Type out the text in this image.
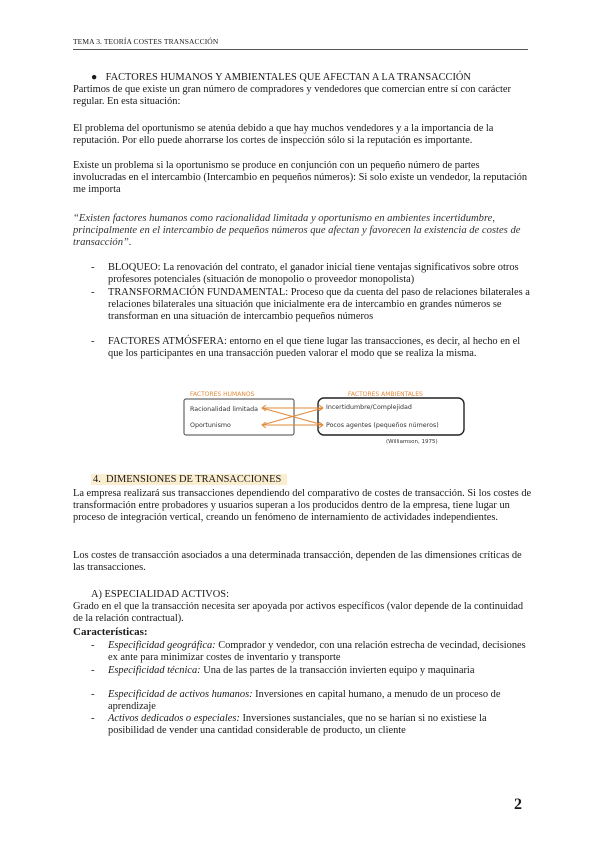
TEMA 3. TEORÍA COSTES TRANSACCIÓN
● FACTORES HUMANOS Y AMBIENTALES QUE AFECTAN A LA TRANSACCIÓN
Partimos de que existe un gran número de compradores y vendedores que comercian entre sí con carácter regular. En esta situación:
El problema del oportunismo se atenúa debido a que hay muchos vendedores y a la importancia de la reputación. Por ello puede ahorrarse los cortes de inspección sólo si la reputación es importante.
Existe un problema si la oportunismo se produce en conjunción con un pequeño número de partes involucradas en el intercambio (Intercambio en pequeños números): Si solo existe un vendedor, la reputación me importa
“Existen factores humanos como racionalidad limitada y oportunismo en ambientes incertidumbre, principalmente en el intercambio de pequeños números que afectan y favorecen la existencia de costes de transacción”.
- BLOQUEO: La renovación del contrato, el ganador inicial tiene ventajas significativos sobre otros profesores potenciales (situación de monopolio o proveedor monopolista)
- TRANSFORMACIÓN FUNDAMENTAL: Proceso que da cuenta del paso de relaciones bilaterales a relaciones bilaterales una situación que inicialmente era de intercambio en grandes números se transforman en una situación de intercambio pequeños números
- FACTORES ATMÓSFERA: entorno en el que tiene lugar las transacciones, es decir, al hecho en el que los participantes en una transacción pueden valorar el modo que se realiza la misma.
FACTORES HUMANOS	FACTORES AMBIENTALES
Racionalidad limitada
Oportunismo
Incertidumbre/Complejidad
Pocos agentes (pequeños números)
(Williamson, 1975)
4. DIMENSIONES DE TRANSACCIONES
La empresa realizará sus transacciones dependiendo del comparativo de costes de transacción. Si los costes de transformación entre probadores y usuarios superan a los producidos dentro de la empresa, tiene lugar un proceso de integración vertical, creando un fenómeno de internamiento de actividades independientes.
Los costes de transacción asociados a una determinada transacción, dependen de las dimensiones críticas de las transacciones.
A) ESPECIALIDAD ACTIVOS:
Grado en el que la transacción necesita ser apoyada por activos específicos (valor depende de la continuidad de la relación contractual).
Características:
- Especificidad geográfica: Comprador y vendedor, con una relación estrecha de vecindad, decisiones ex ante para minimizar costes de inventario y transporte
- Especificidad técnica: Una de las partes de la transacción invierten equipo y maquinaria
- Especificidad de activos humanos: Inversiones en capital humano, a menudo de un proceso de aprendizaje
- Activos dedicados o especiales: Inversiones sustanciales, que no se harían si no existiese la posibilidad de vender una cantidad considerable de producto, un cliente
2
